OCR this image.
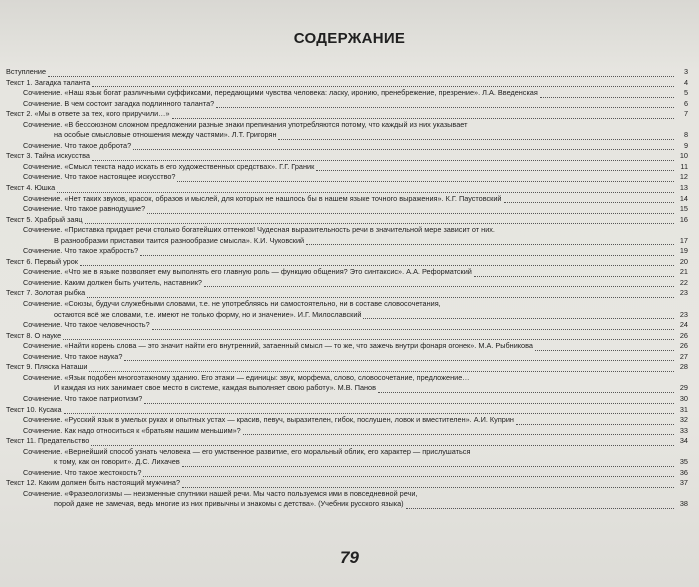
СОДЕРЖАНИЕ
Вступление	3
Текст 1. Загадка таланта	4
Сочинение. «Наш язык богат различными суффиксами, передающими чувства человека: ласку, иронию, пренебрежение, презрение». Л.А. Введенская	5
Сочинение. В чем состоит загадка подлинного таланта?	6
Текст 2. «Мы в ответе за тех, кого приручили…»	7
Сочинение. «В бессоюзном сложном предложении разные знаки препинания употребляются потому, что каждый из них указывает
на особые смысловые отношения между частями». Л.Т. Григорян	8
Сочинение. Что такое доброта?	9
Текст 3. Тайна искусства	10
Сочинение. «Смысл текста надо искать в его художественных средствах». Г.Г. Граник	11
Сочинение. Что такое настоящее искусство?	12
Текст 4. Юшка	13
Сочинение. «Нет таких звуков, красок, образов и мыслей, для которых не нашлось бы в нашем языке точного выражения». К.Г. Паустовский	14
Сочинение. Что такое равнодушие?	15
Текст 5. Храбрый заяц	16
Сочинение. «Приставка придает речи столько богатейших оттенков! Чудесная выразительность речи в значительной мере зависит от них.
В разнообразии приставки таится разнообразие смысла». К.И. Чуковский	17
Сочинение. Что такое храбрость?	19
Текст 6. Первый урок	20
Сочинение. «Что же в языке позволяет ему выполнять его главную роль — функцию общения? Это синтаксис». А.А. Реформатский	21
Сочинение. Каким должен быть учитель, наставник?	22
Текст 7. Золотая рыбка	23
Сочинение. «Союзы, будучи служебными словами, т.е. не употребляясь ни самостоятельно, ни в составе словосочетания,
остаются всё же словами, т.е. имеют не только форму, но и значение». И.Г. Милославский	23
Сочинение. Что такое человечность?	24
Текст 8. О науке	26
Сочинение. «Найти корень слова — это значит найти его внутренний, затаенный смысл — то же, что зажечь внутри фонаря огонек». М.А. Рыбникова	26
Сочинение. Что такое наука?	27
Текст 9. Пляска Наташи	28
Сочинение. «Язык подобен многоэтажному зданию. Его этажи — единицы: звук, морфема, слово, словосочетание, предложение…
И каждая из них занимает свое место в системе, каждая выполняет свою работу». М.В. Панов	29
Сочинение. Что такое патриотизм?	30
Текст 10. Кусака	31
Сочинение. «Русский язык в умелых руках и опытных устах — красив, певуч, выразителен, гибок, послушен, ловок и вместителен». А.И. Куприн	32
Сочинение. Как надо относиться к «братьям нашим меньшим»?	33
Текст 11. Предательство	34
Сочинение. «Вернейший способ узнать человека — его умственное развитие, его моральный облик, его характер — прислушаться
к тому, как он говорит». Д.С. Лихачев	35
Сочинение. Что такое жестокость?	36
Текст 12. Каким должен быть настоящий мужчина?	37
Сочинение. «Фразеологизмы — неизменные спутники нашей речи. Мы часто пользуемся ими в повседневной речи,
порой даже не замечая, ведь многие из них привычны и знакомы с детства». (Учебник русского языка)	38
79
